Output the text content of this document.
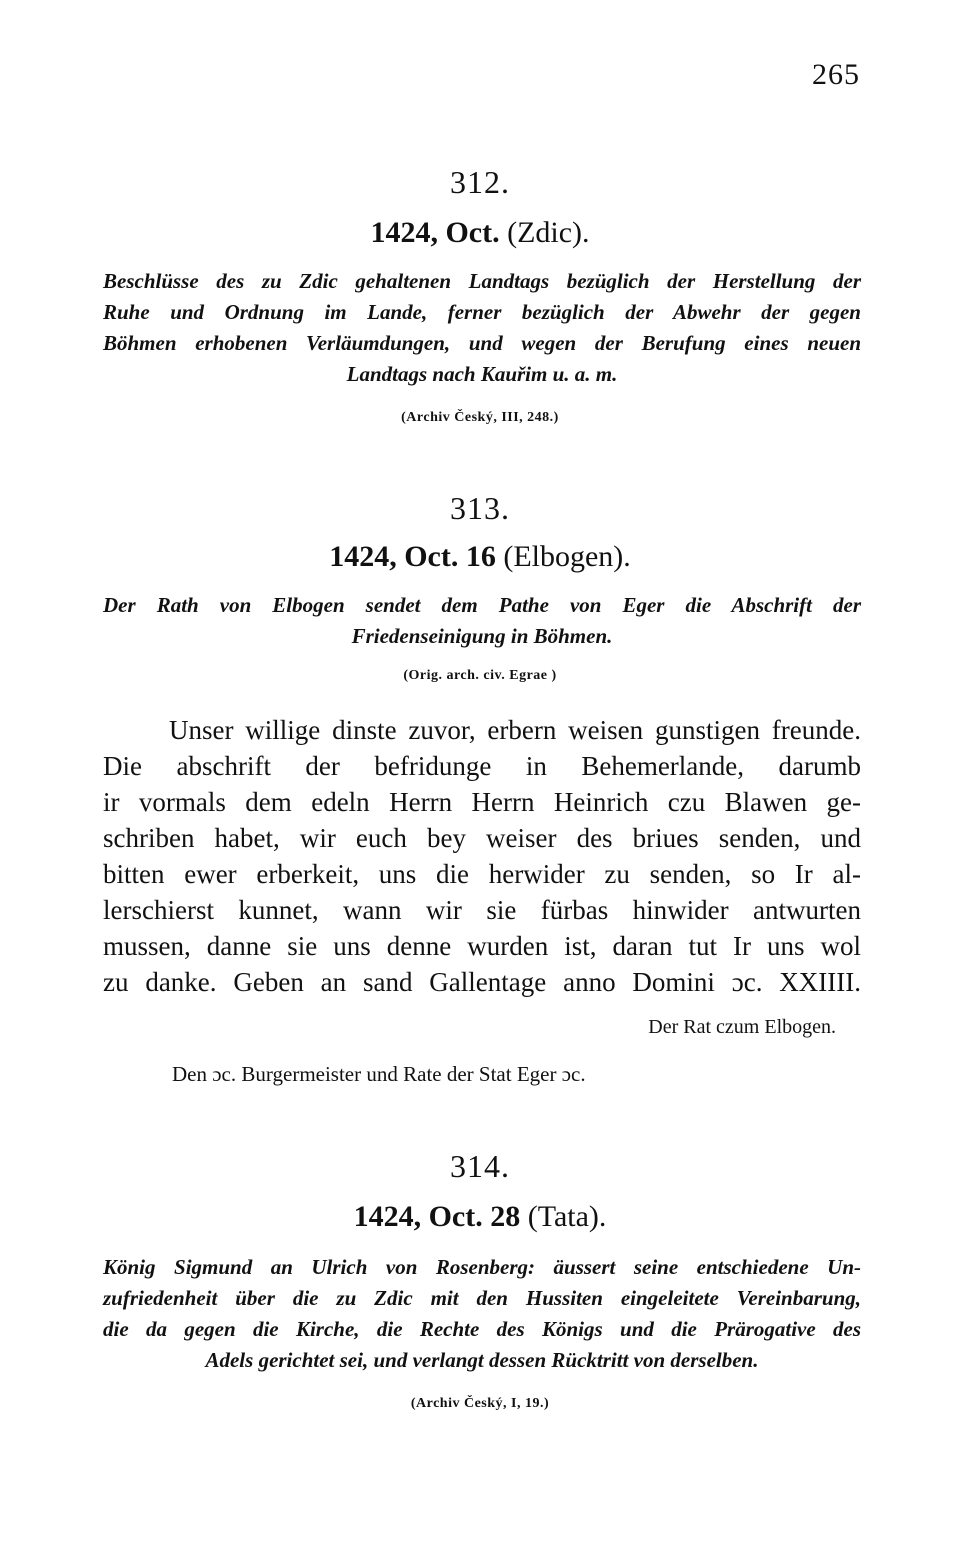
265
312.
1424, Oct. (Zdic).
Beschlüsse des zu Zdic gehaltenen Landtags bezüglich der Herstellung der
Ruhe und Ordnung im Lande, ferner bezüglich der Abwehr der gegen
Böhmen erhobenen Verläumdungen, und wegen der Berufung eines neuen
Landtags nach Kauřim u. a. m.
(Archiv Český, III, 248.)
313.
1424, Oct. 16 (Elbogen).
Der Rath von Elbogen sendet dem Pathe von Eger die Abschrift der
Friedenseinigung in Böhmen.
(Orig. arch. civ. Egrae )
Unser willige dinste zuvor, erbern weisen gunstigen freunde.
Die abschrift der befridunge in Behemerlande, darumb
ir vormals dem edeln Herrn Herrn Heinrich czu Blawen ge-
schriben habet, wir euch bey weiser des briues senden, und
bitten ewer erberkeit, uns die herwider zu senden, so Ir al-
lerschierst kunnet, wann wir sie fürbas hinwider antwurten
mussen, danne sie uns denne wurden ist, daran tut Ir uns wol
zu danke. Geben an sand Gallentage anno Domini ɔc. XXIIII.
Der Rat czum Elbogen.
Den ɔc. Burgermeister und Rate der Stat Eger ɔc.
314.
1424, Oct. 28 (Tata).
König Sigmund an Ulrich von Rosenberg: äussert seine entschiedene Un-
zufriedenheit über die zu Zdic mit den Hussiten eingeleitete Vereinbarung,
die da gegen die Kirche, die Rechte des Königs und die Prärogative des
Adels gerichtet sei, und verlangt dessen Rücktritt von derselben.
(Archiv Český, I, 19.)
